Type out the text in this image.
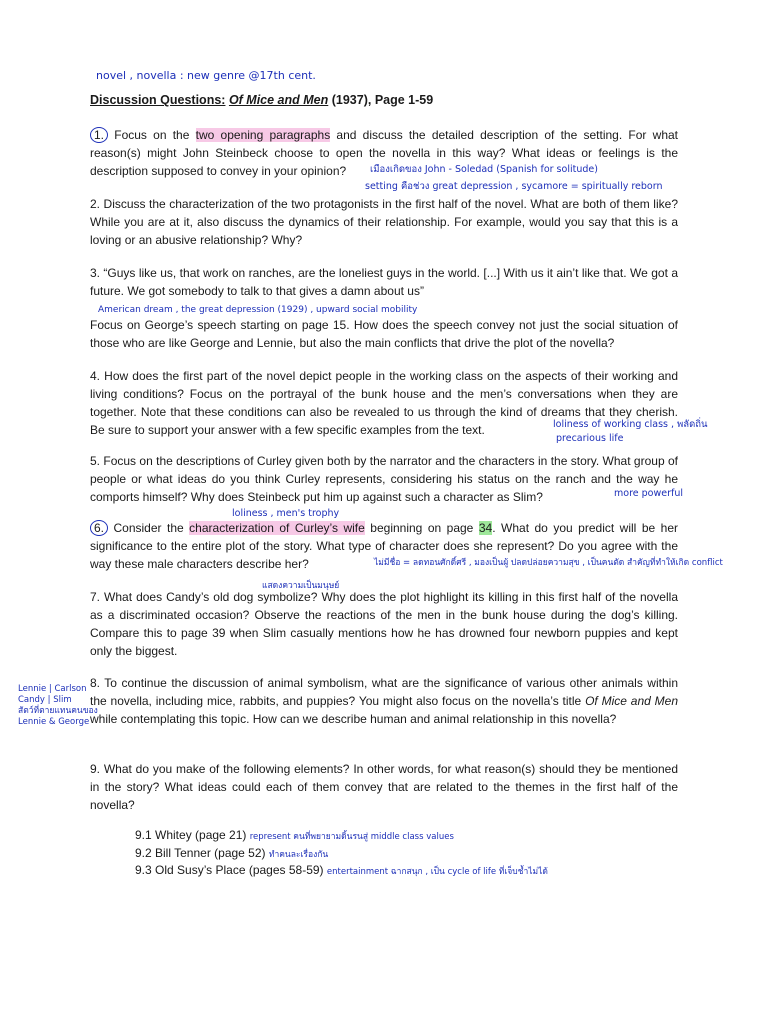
novel , novella : new genre @17th cent.
Discussion Questions: Of Mice and Men (1937), Page 1-59

1. Focus on the two opening paragraphs and discuss the detailed description of the setting. For what reason(s) might John Steinbeck choose to open the novella in this way? What ideas or feelings is the description supposed to convey in your opinion?	เมืองเกิดของ John - Soledad (Spanish for solitude)
setting คือช่วง great depression , sycamore = spiritually reborn
2. Discuss the characterization of the two protagonists in the first half of the novel. What are both of them like? While you are at it, also discuss the dynamics of their relationship. For example, would you say that this is a loving or an abusive relationship? Why?
3. “Guys like us, that work on ranches, are the loneliest guys in the world. [...] With us it ain’t like that. We got a future. We got somebody to talk to that gives a damn about us”
American dream , the great depression (1929) , upward social mobility
Focus on George’s speech starting on page 15. How does the speech convey not just the social situation of those who are like George and Lennie, but also the main conflicts that drive the plot of the novella?
4. How does the first part of the novel depict people in the working class on the aspects of their working and living conditions? Focus on the portrayal of the bunk house and the men’s conversations when they are together. Note that these conditions can also be revealed to us through the kind of dreams that they cherish. Be sure to support your answer with a few specific examples from the text.	loliness of working class , พลัดถิ่น
precarious life
5. Focus on the descriptions of Curley given both by the narrator and the characters in the story. What group of people or what ideas do you think Curley represents, considering his status on the ranch and the way he comports himself? Why does Steinbeck put him up against such a character as Slim?	more powerful
loliness , men's trophy

6. Consider the characterization of Curley’s wife beginning on page 34. What do you predict will be her significance to the entire plot of the story. What type of character does she represent? Do you agree with the way these male characters describe her?	ไม่มีชื่อ = ลดทอนศักดิ์ศรี , มองเป็นผู้ ปลดปล่อยความสุข , เป็นคนตัด สำคัญที่ทำให้เกิด conflict
แสดงความเป็นมนุษย์
7. What does Candy’s old dog symbolize? Why does the plot highlight its killing in this first half of the novella as a discriminated occasion? Observe the reactions of the men in the bunk house during the dog’s killing. Compare this to page 39 when Slim casually mentions how he has drowned four newborn puppies and kept only the biggest.
Lennie | Carlson
Candy | Slim
สัตว์ที่ตายแทนคนของ
Lennie & George

8. To continue the discussion of animal symbolism, what are the significance of various other animals within the novella, including mice, rabbits, and puppies? You might also focus on the novella’s title Of Mice and Men while contemplating this topic. How can we describe human and animal relationship in this novella?

9. What do you make of the following elements? In other words, for what reason(s) should they be mentioned in the story? What ideas could each of them convey that are related to the themes in the first half of the novella?
9.1 Whitey (page 21) represent คนที่พยายามดิ้นรนสู่ middle class values
9.2 Bill Tenner (page 52) ทำคนละเรื่องกัน
9.3 Old Susy’s Place (pages 58-59) entertainment ฉากสนุก , เป็น cycle of life ที่เจ็บช้ำไม่ได้
